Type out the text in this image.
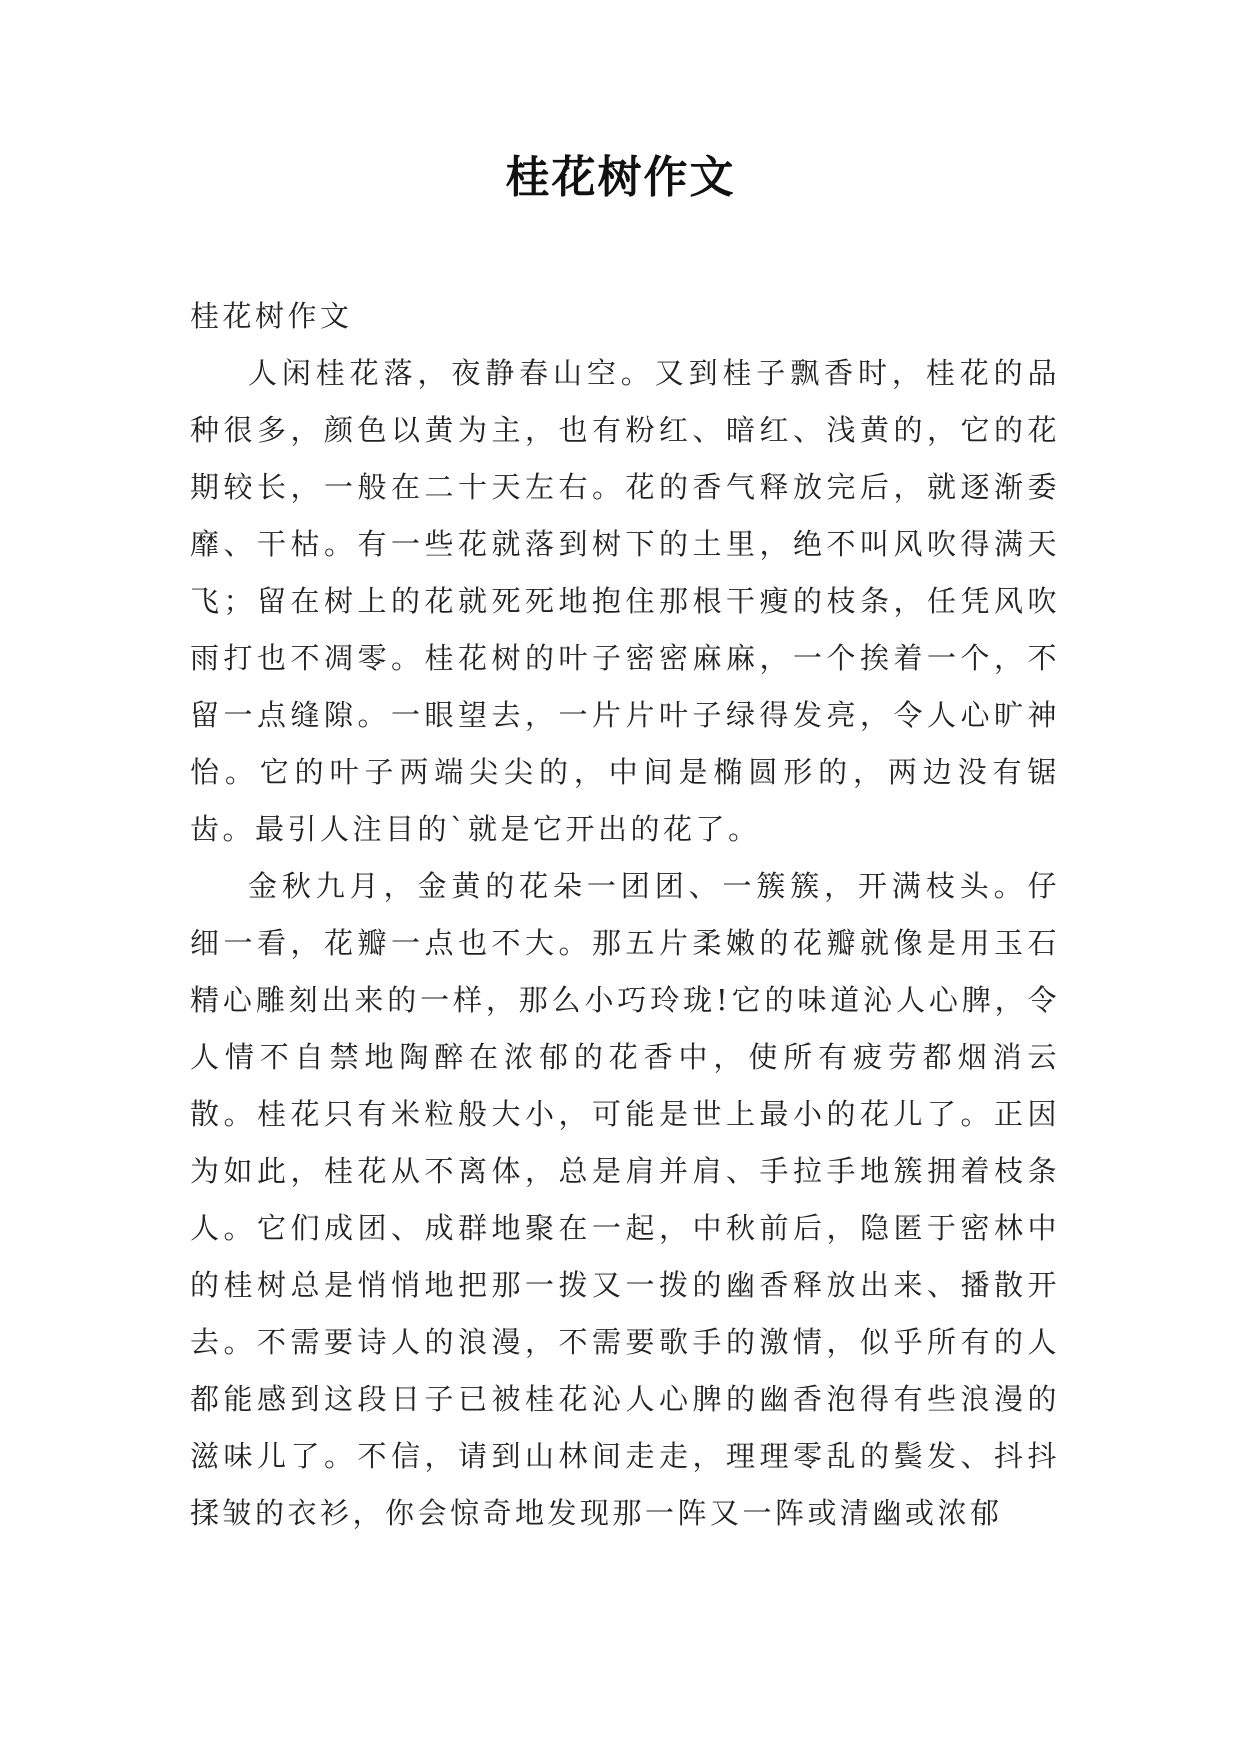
桂花树作文

桂花树作文

人闲桂花落，夜静春山空。又到桂子飘香时，桂花的品种很多，颜色以黄为主，也有粉红、暗红、浅黄的，它的花期较长，一般在二十天左右。花的香气释放完后，就逐渐委靡、干枯。有一些花就落到树下的土里，绝不叫风吹得满天飞；留在树上的花就死死地抱住那根干瘦的枝条，任凭风吹雨打也不凋零。桂花树的叶子密密麻麻，一个挨着一个，不留一点缝隙。一眼望去，一片片叶子绿得发亮，令人心旷神怡。它的叶子两端尖尖的，中间是椭圆形的，两边没有锯齿。最引人注目的`就是它开出的花了。

金秋九月，金黄的花朵一团团、一簇簇，开满枝头。仔细一看，花瓣一点也不大。那五片柔嫩的花瓣就像是用玉石精心雕刻出来的一样，那么小巧玲珑!它的味道沁人心脾，令人情不自禁地陶醉在浓郁的花香中，使所有疲劳都烟消云散。桂花只有米粒般大小，可能是世上最小的花儿了。正因为如此，桂花从不离体，总是肩并肩、手拉手地簇拥着枝条人。它们成团、成群地聚在一起，中秋前后，隐匿于密林中的桂树总是悄悄地把那一拨又一拨的幽香释放出来、播散开去。不需要诗人的浪漫，不需要歌手的激情，似乎所有的人都能感到这段日子已被桂花沁人心脾的幽香泡得有些浪漫的滋味儿了。不信，请到山林间走走，理理零乱的鬓发、抖抖揉皱的衣衫，你会惊奇地发现那一阵又一阵或清幽或浓郁
